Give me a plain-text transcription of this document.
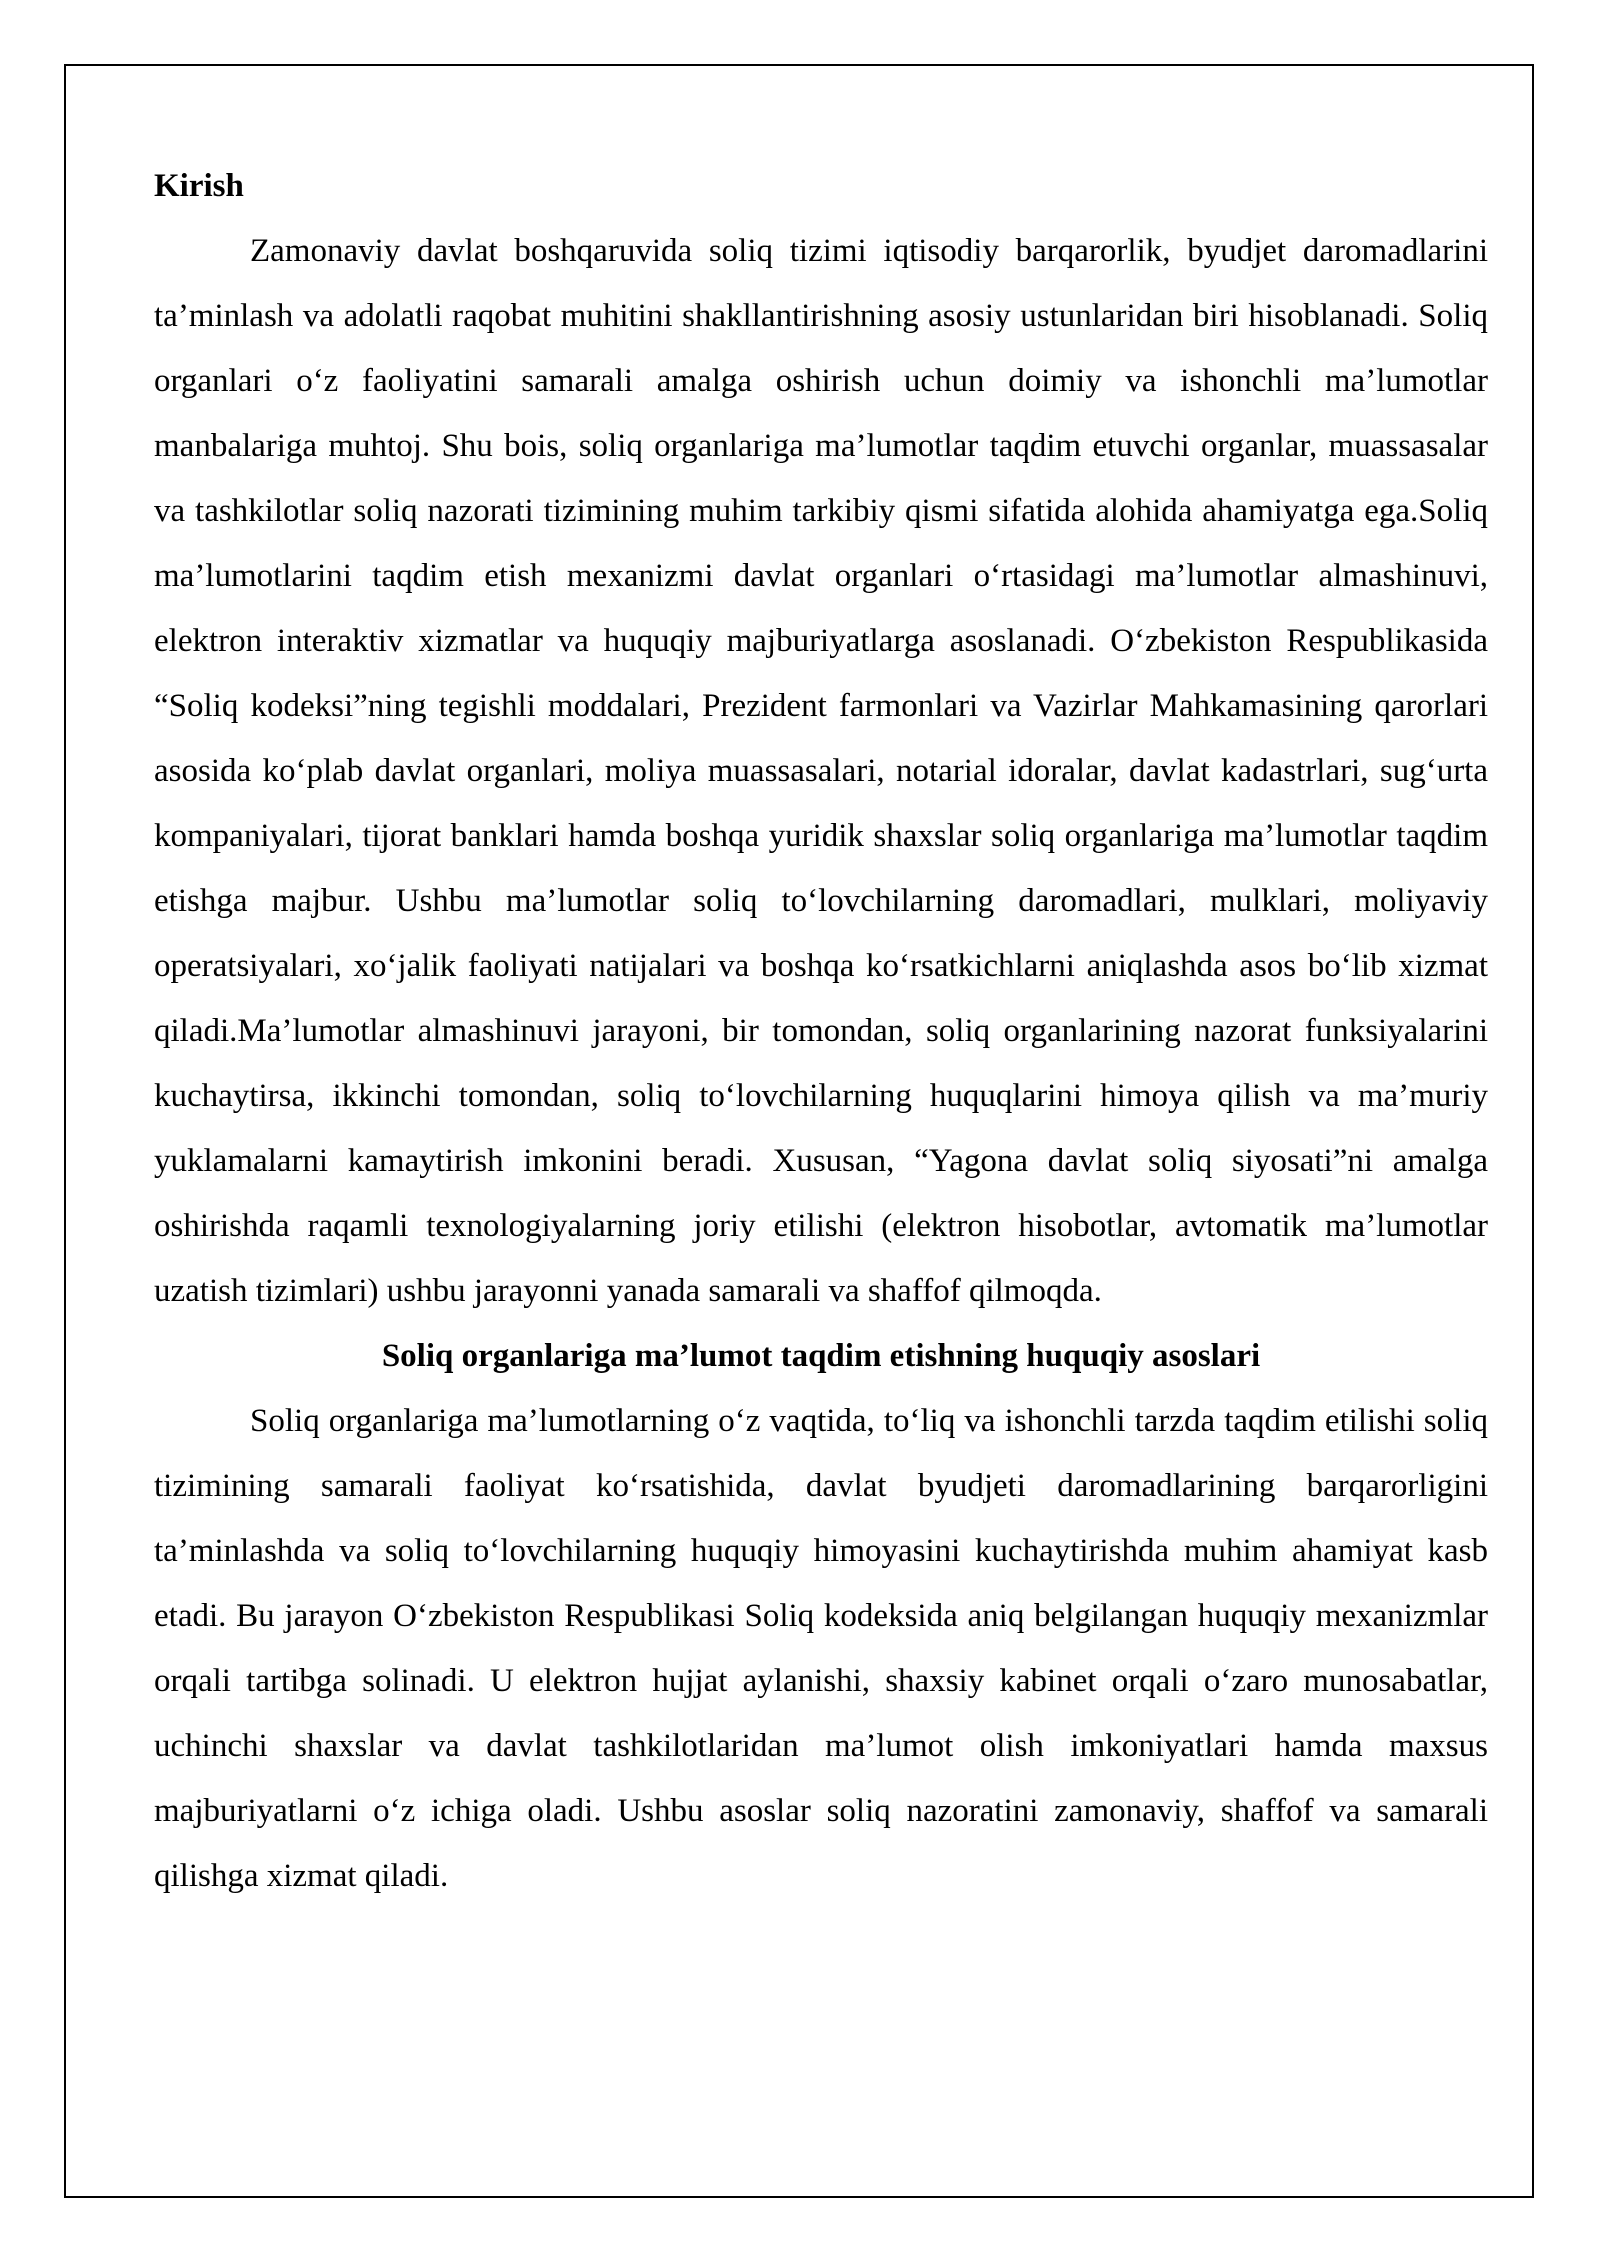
Kirish

Zamonaviy davlat boshqaruvida soliq tizimi iqtisodiy barqarorlik, byudjet daromadlarini ta’minlash va adolatli raqobat muhitini shakllantirishning asosiy ustunlaridan biri hisoblanadi. Soliq organlari o‘z faoliyatini samarali amalga oshirish uchun doimiy va ishonchli ma’lumotlar manbalariga muhtoj. Shu bois, soliq organlariga ma’lumotlar taqdim etuvchi organlar, muassasalar va tashkilotlar soliq nazorati tizimining muhim tarkibiy qismi sifatida alohida ahamiyatga ega.Soliq ma’lumotlarini taqdim etish mexanizmi davlat organlari o‘rtasidagi ma’lumotlar almashinuvi, elektron interaktiv xizmatlar va huquqiy majburiyatlarga asoslanadi. O‘zbekiston Respublikasida “Soliq kodeksi”ning tegishli moddalari, Prezident farmonlari va Vazirlar Mahkamasining qarorlari asosida ko‘plab davlat organlari, moliya muassasalari, notarial idoralar, davlat kadastrlari, sug‘urta kompaniyalari, tijorat banklari hamda boshqa yuridik shaxslar soliq organlariga ma’lumotlar taqdim etishga majbur. Ushbu ma’lumotlar soliq to‘lovchilarning daromadlari, mulklari, moliyaviy operatsiyalari, xo‘jalik faoliyati natijalari va boshqa ko‘rsatkichlarni aniqlashda asos bo‘lib xizmat qiladi.Ma’lumotlar almashinuvi jarayoni, bir tomondan, soliq organlarining nazorat funksiyalarini kuchaytirsa, ikkinchi tomondan, soliq to‘lovchilarning huquqlarini himoya qilish va ma’muriy yuklamalarni kamaytirish imkonini beradi. Xususan, “Yagona davlat soliq siyosati”ni amalga oshirishda raqamli texnologiyalarning joriy etilishi (elektron hisobotlar, avtomatik ma’lumotlar uzatish tizimlari) ushbu jarayonni yanada samarali va shaffof qilmoqda.

Soliq organlariga ma’lumot taqdim etishning huquqiy asoslari

Soliq organlariga ma’lumotlarning o‘z vaqtida, to‘liq va ishonchli tarzda taqdim etilishi soliq tizimining samarali faoliyat ko‘rsatishida, davlat byudjeti daromadlarining barqarorligini ta’minlashda va soliq to‘lovchilarning huquqiy himoyasini kuchaytirishda muhim ahamiyat kasb etadi. Bu jarayon O‘zbekiston Respublikasi Soliq kodeksida aniq belgilangan huquqiy mexanizmlar orqali tartibga solinadi. U elektron hujjat aylanishi, shaxsiy kabinet orqali o‘zaro munosabatlar, uchinchi shaxslar va davlat tashkilotlaridan ma’lumot olish imkoniyatlari hamda maxsus majburiyatlarni o‘z ichiga oladi. Ushbu asoslar soliq nazoratini zamonaviy, shaffof va samarali qilishga xizmat qiladi.
